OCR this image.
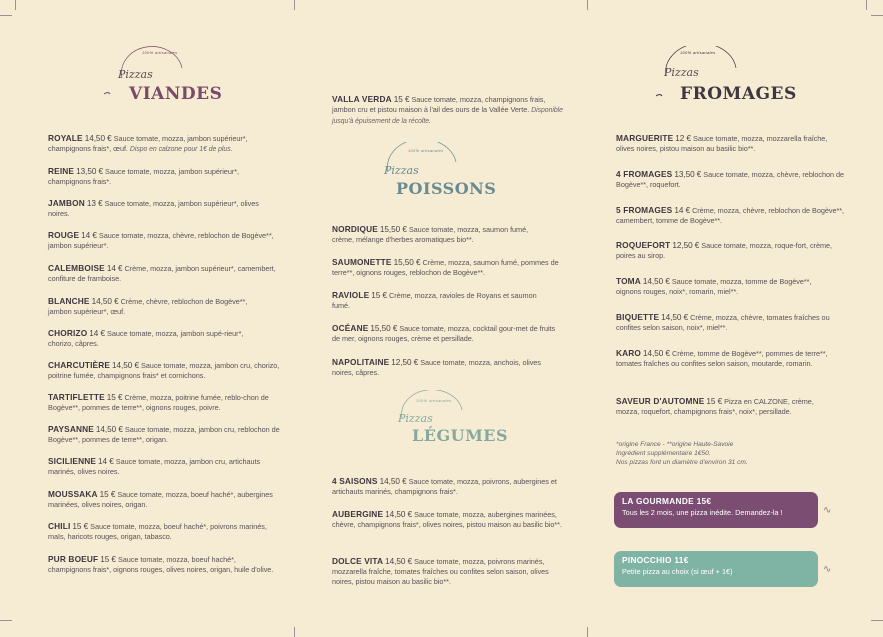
Pizzas
VIANDES
100% artisanales
ROYALE 14,50 € Sauce tomate, mozza, jambon supérieur*, champignons frais*, œuf. Dispo en calzone pour 1€ de plus.
REINE 13,50 € Sauce tomate, mozza, jambon supérieur*, champignons frais*.
JAMBON 13 € Sauce tomate, mozza, jambon supérieur*, olives noires.
ROUGE 14 € Sauce tomate, mozza, chèvre, reblochon de Bogève**, jambon supérieur*.
CALEMBOISE 14 € Crème, mozza, jambon supérieur*, camembert, confiture de framboise.
BLANCHE 14,50 € Crème, chèvre, reblochon de Bogève**, jambon supérieur*, œuf.
CHORIZO 14 € Sauce tomate, mozza, jambon supé-rieur*, chorizo, câpres.
CHARCUTIÈRE 14,50 € Sauce tomate, mozza, jambon cru, chorizo, poitrine fumée, champignons frais* et cornichons.
TARTIFLETTE 15 € Crème, mozza, poitrine fumée, reblo-chon de Bogève**, pommes de terre**, oignons rouges, poivre.
PAYSANNE 14,50 € Sauce tomate, mozza, jambon cru, reblochon de Bogève**, pommes de terre**, origan.
SICILIENNE 14 € Sauce tomate, mozza, jambon cru, artichauts marinés, olives noires.
MOUSSAKA 15 € Sauce tomate, mozza, boeuf haché*, aubergines marinées, olives noires, origan.
CHILI 15 € Sauce tomate, mozza, boeuf haché*, poivrons marinés, maïs, haricots rouges, origan, tabasco.
PUR BOEUF 15 € Sauce tomate, mozza, boeuf haché*, champignons frais*, oignons rouges, olives noires, origan, huile d'olive.
VALLA VERDA 15 € Sauce tomate, mozza, champignons frais, jambon cru et pistou maison à l'ail des ours de la Vallée Verte. Disponible jusqu'à épuisement de la récolte.
Pizzas
POISSONS
100% artisanales
NORDIQUE 15,50 € Sauce tomate, mozza, saumon fumé, crème, mélange d'herbes aromatiques bio**.
SAUMONETTE 15,50 € Crème, mozza, saumon fumé, pommes de terre**, oignons rouges, reblochon de Bogève**.
RAVIOLE 15 € Crème, mozza, ravioles de Royans et saumon fumé.
OCÉANE 15,50 € Sauce tomate, mozza, cocktail gour-met de fruits de mer, oignons rouges, crème et persillade.
NAPOLITAINE 12,50 € Sauce tomate, mozza, anchois, olives noires, câpres.
Pizzas
LÉGUMES
100% artisanales
4 SAISONS 14,50 € Sauce tomate, mozza, poivrons, aubergines et artichauts marinés, champignons frais*.
AUBERGINE 14,50 € Sauce tomate, mozza, aubergines marinées, chèvre, champignons frais*, olives noires, pistou maison au basilic bio**.
DOLCE VITA 14,50 € Sauce tomate, mozza, poivrons marinés, mozzarella fraîche, tomates fraîches ou confites selon saison, olives noires, pistou maison au basilic bio**.
Pizzas
FROMAGES
100% artisanales
MARGUERITE 12 € Sauce tomate, mozza, mozzarella fraîche, olives noires, pistou maison au basilic bio**.
4 FROMAGES 13,50 € Sauce tomate, mozza, chèvre, reblochon de Bogève**, roquefort.
5 FROMAGES 14 € Crème, mozza, chèvre, reblochon de Bogève**, camembert, tomme de Bogève**.
ROQUEFORT 12,50 € Sauce tomate, mozza, roque-fort, crème, poires au sirop.
TOMA 14,50 € Sauce tomate, mozza, tomme de Bogève**, oignons rouges, noix*, romarin, miel**.
BIQUETTE 14,50 € Crème, mozza, chèvre, tomates fraîches ou confites selon saison, noix*, miel**.
KARO 14,50 € Crème, tomme de Bogève**, pommes de terre**, tomates fraîches ou confites selon saison, moutarde, romarin.
SAVEUR D'AUTOMNE 15 € Pizza en CALZONE, crème, mozza, roquefort, champignons frais*, noix*, persillade.
*origine France - **origine Haute-Savoie
Ingrédient supplémentaire 1€50.
Nos pizzas font un diamètre d'environ 31 cm.
LA GOURMANDE 15€
Tous les 2 mois, une pizza inédite. Demandez-la !	∿
PINOCCHIO 11€
Petite pizza au choix (si œuf + 1€)	∿
